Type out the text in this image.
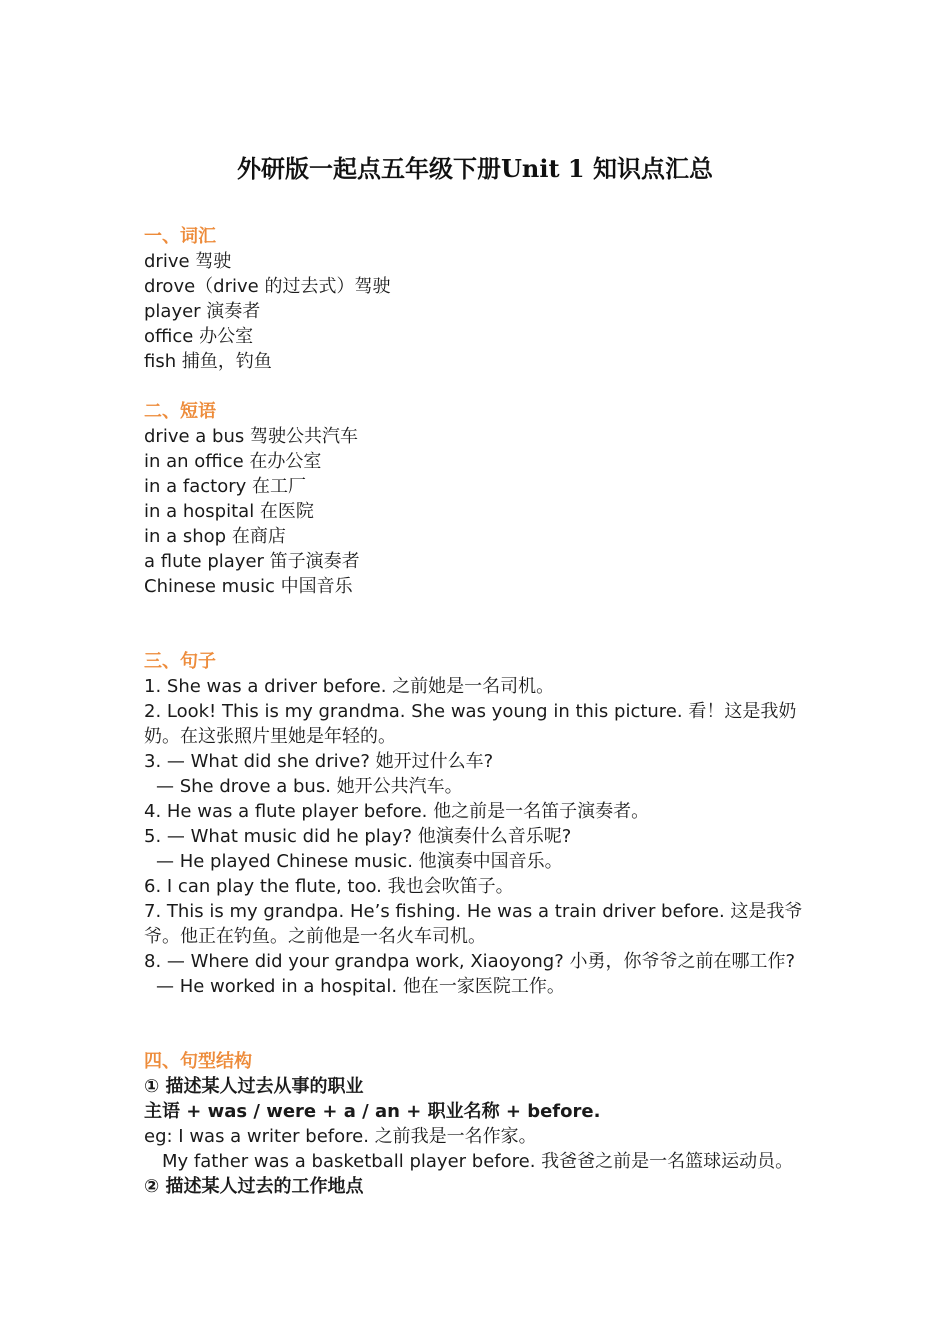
外研版一起点五年级下册Unit 1 知识点汇总
一、词汇
drive 驾驶
drove（drive 的过去式）驾驶
player 演奏者
office 办公室
fish 捕鱼，钓鱼
二、短语
drive a bus 驾驶公共汽车
in an office 在办公室
in a factory 在工厂
in a hospital 在医院
in a shop 在商店
a flute player 笛子演奏者
Chinese music 中国音乐
三、句子
1. She was a driver before. 之前她是一名司机。
2. Look! This is my grandma. She was young in this picture. 看！这是我奶奶。在这张照片里她是年轻的。
3. — What did she drive? 她开过什么车?
— She drove a bus. 她开公共汽车。
4. He was a flute player before. 他之前是一名笛子演奏者。
5. — What music did he play? 他演奏什么音乐呢?
— He played Chinese music. 他演奏中国音乐。
6. I can play the flute, too. 我也会吹笛子。
7. This is my grandpa. He’s fishing. He was a train driver before. 这是我爷爷。他正在钓鱼。之前他是一名火车司机。
8. — Where did your grandpa work, Xiaoyong? 小勇，你爷爷之前在哪工作?
— He worked in a hospital. 他在一家医院工作。
四、句型结构
① 描述某人过去从事的职业
主语 + was / were + a / an + 职业名称 + before.
eg: I was a writer before. 之前我是一名作家。
My father was a basketball player before. 我爸爸之前是一名篮球运动员。
② 描述某人过去的工作地点
